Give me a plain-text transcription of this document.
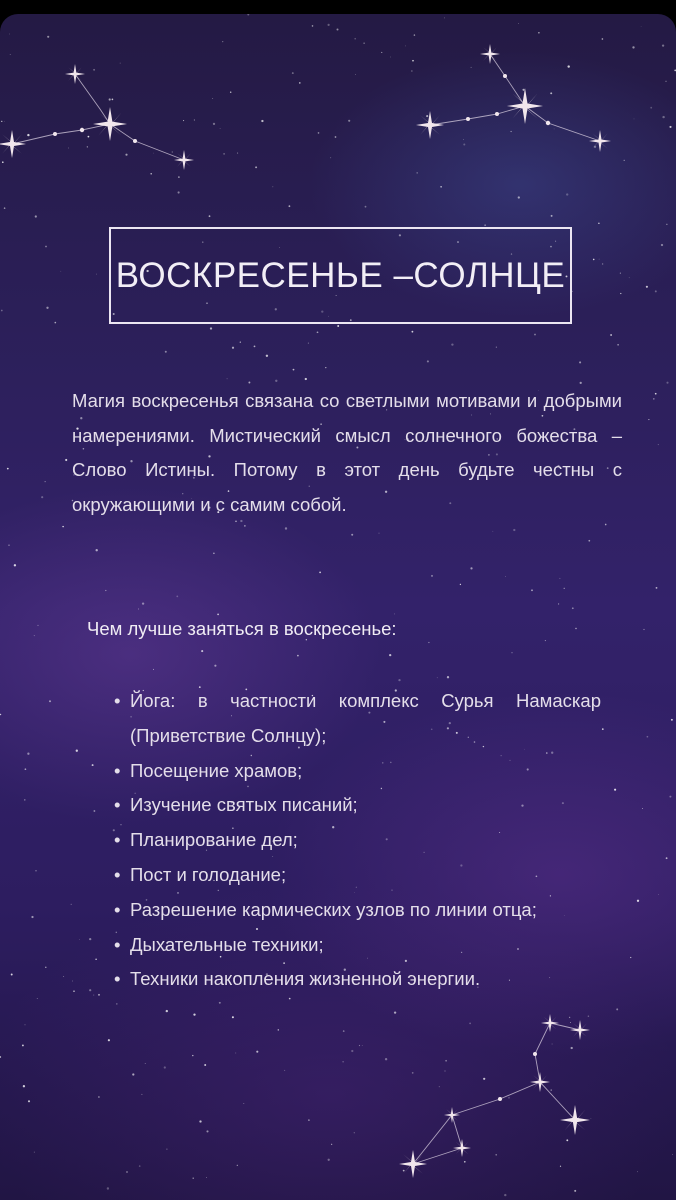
ВОСКРЕСЕНЬЕ –СОЛНЦЕ

Магия воскресенья связана со светлыми мотивами и добрыми намерениями. Мистический смысл солнечного божества – Слово Истины. Потому в этот день будьте честны с окружающими и с самим собой.

Чем лучше заняться в воскресенье:

• Йога: в частности комплекс Сурья Намаскар
(Приветствие Солнцу);
• Посещение храмов;
• Изучение святых писаний;
• Планирование дел;
• Пост и голодание;
• Разрешение кармических узлов по линии отца;
• Дыхательные техники;
• Техники накопления жизненной энергии.
